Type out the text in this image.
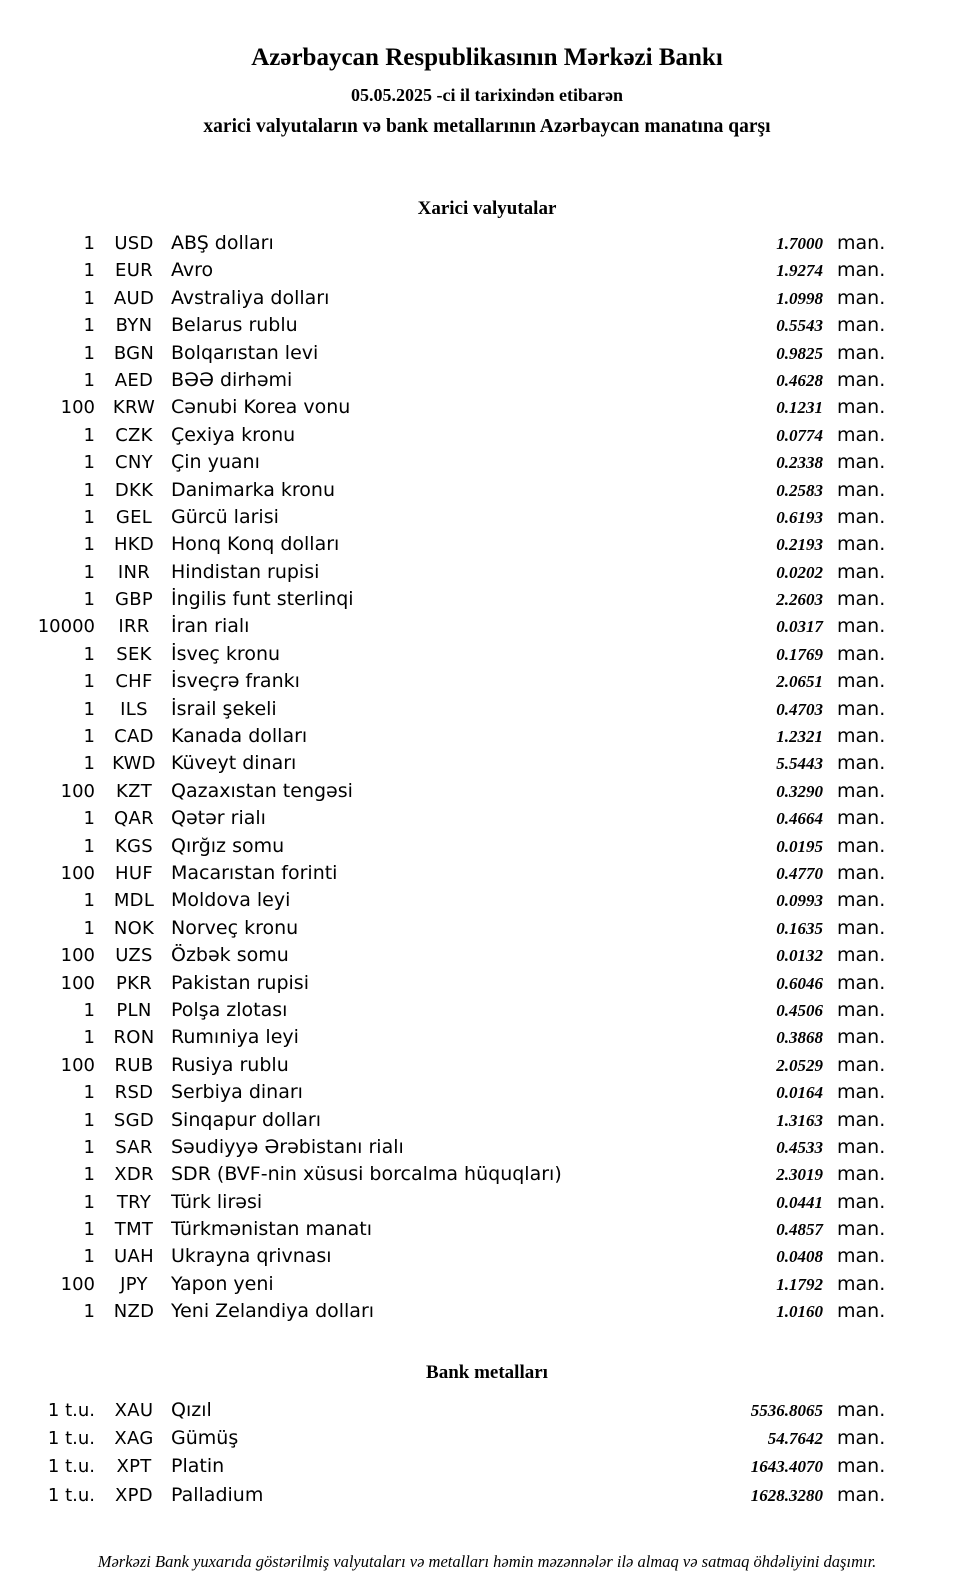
Azərbaycan Respublikasının Mərkəzi Bankı
05.05.2025 -ci il tarixindən etibarən
xarici valyutaların və bank metallarının Azərbaycan manatına qarşı
Xarici valyutalar
1	USD ABŞ dolları	1.7000 man.
1	EUR Avro	1.9274 man.
1	AUD Avstraliya dolları	1.0998 man.
1	BYN Belarus rublu	0.5543 man.
1	BGN Bolqarıstan levi	0.9825 man.
1	AED BƏƏ dirhəmi	0.4628 man.
100 KRW Cənubi Korea vonu	0.1231 man.
1	CZK Çexiya kronu	0.0774 man.
1	CNY Çin yuanı	0.2338 man.
1	DKK Danimarka kronu	0.2583 man.
1	GEL Gürcü larisi	0.6193 man.
1	HKD Honq Konq dolları	0.2193 man.
1	INR	Hindistan rupisi	0.0202 man.
1	GBP İngilis funt sterlinqi	2.2603 man.
10000	IRR	İran rialı	0.0317 man.
1	SEK	İsveç kronu	0.1769 man.
1	CHF İsveçrə frankı	2.0651 man.
1	ILS	İsrail şekeli	0.4703 man.
1	CAD Kanada dolları	1.2321 man.
1 KWD Küveyt dinarı	5.5443 man.
100	KZT Qazaxıstan tengəsi	0.3290 man.
1	QAR Qətər rialı	0.4664 man.
1	KGS Qırğız somu	0.0195 man.
100	HUF Macarıstan forinti	0.4770 man.
1	MDL Moldova leyi	0.0993 man.
1	NOK Norveç kronu	0.1635 man.
100	UZS Özbək somu	0.0132 man.
100	PKR Pakistan rupisi	0.6046 man.
1	PLN	Polşa zlotası	0.4506 man.
1	RON Rumıniya leyi	0.3868 man.
100	RUB Rusiya rublu	2.0529 man.
1	RSD Serbiya dinarı	0.0164 man.
1	SGD Sinqapur dolları	1.3163 man.
1	SAR Səudiyyə Ərəbistanı rialı	0.4533 man.
1	XDR SDR (BVF-nin xüsusi borcalma hüquqları)	2.3019 man.
1	TRY	Türk lirəsi	0.0441 man.
1	TMT Türkmənistan manatı	0.4857 man.
1	UAH Ukrayna qrivnası	0.0408 man.
100	JPY	Yapon yeni	1.1792 man.
1	NZD Yeni Zelandiya dolları	1.0160 man.
Bank metalları
1 t.u.	XAU Qızıl	5536.8065 man.
1 t.u.	XAG Gümüş	54.7642 man.
1 t.u.	XPT	Platin	1643.4070 man.
1 t.u.	XPD Palladium	1628.3280 man.
Mərkəzi Bank yuxarıda göstərilmiş valyutaları və metalları həmin məzənnələr ilə almaq və satmaq öhdəliyini daşımır.
